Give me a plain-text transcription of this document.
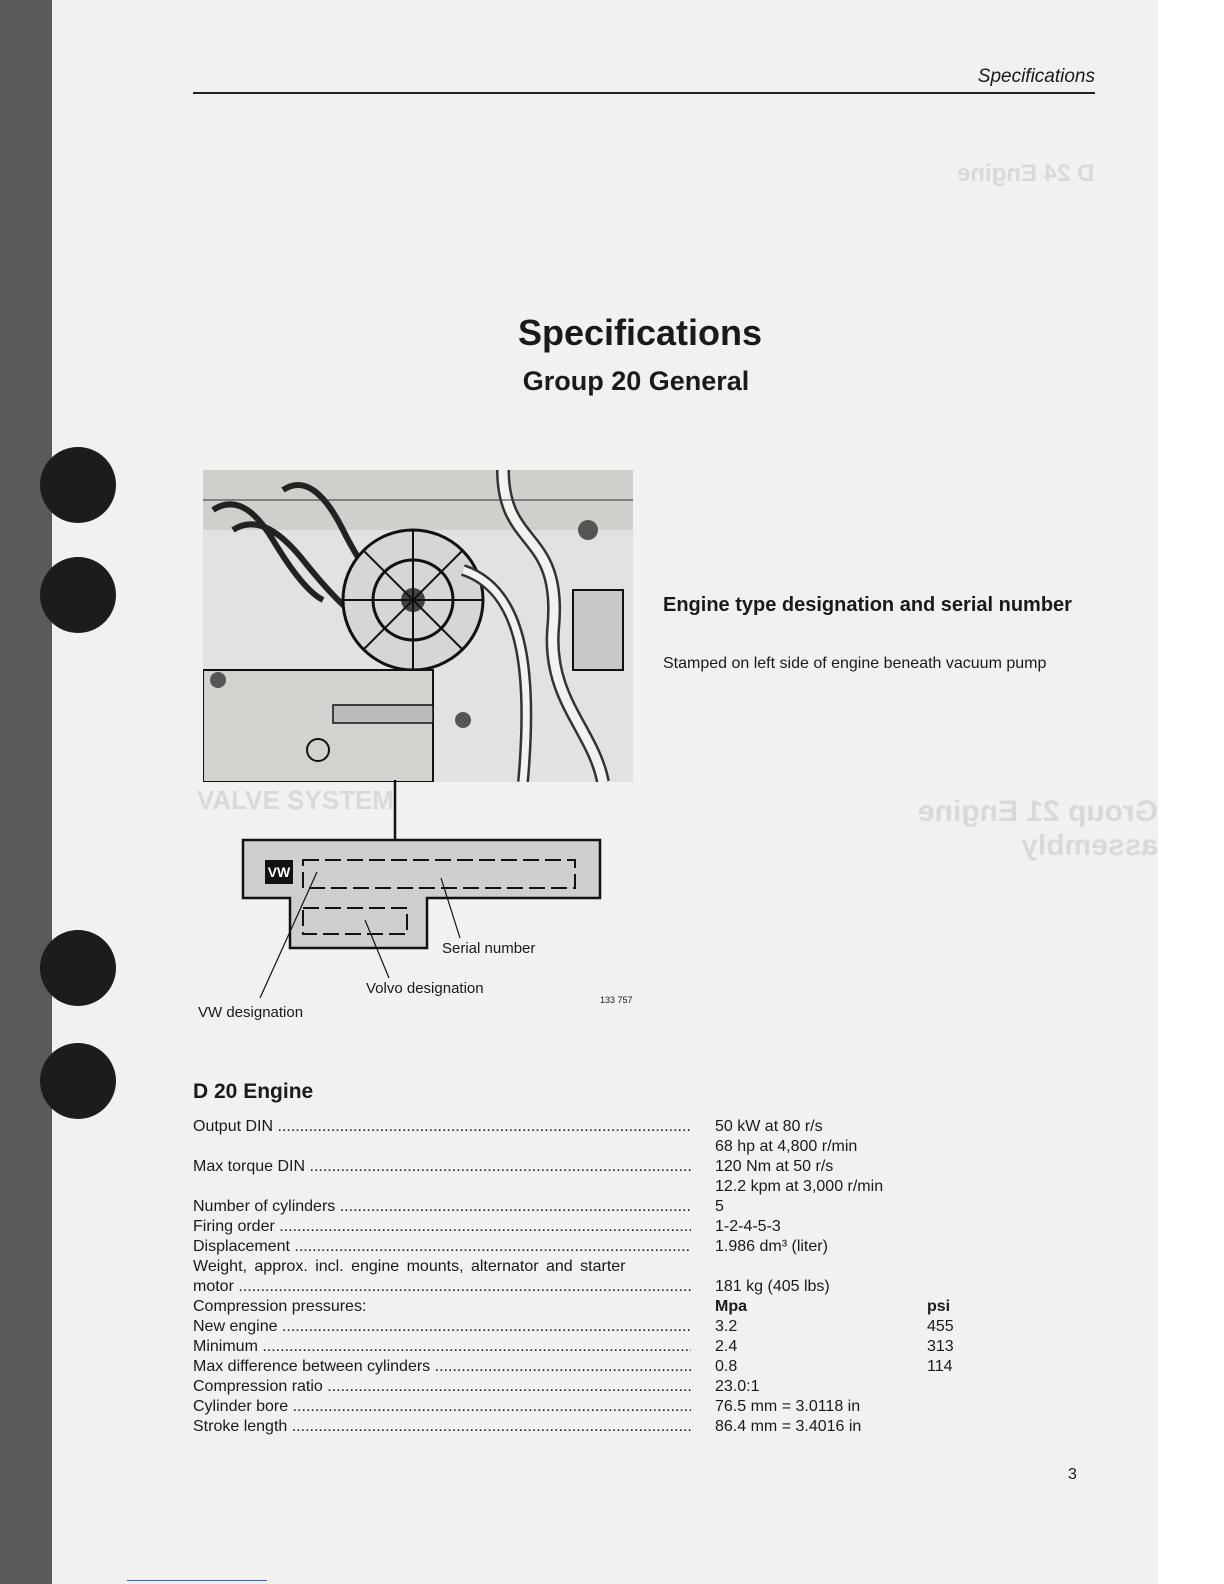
Group 21 Engine assembly
D 24 Engine
VALVE SYSTEM
Specifications
Specifications
Group 20 General
VW
Serial number
Volvo designation
VW designation
133 757
Engine type designation and serial number
Stamped on left side of engine beneath vacuum pump
D 20 Engine
Output DIN .....	50 kW at 80 r/s
68 hp at 4,800 r/min
Max torque DIN .....	120 Nm at 50 r/s
12.2 kpm at 3,000 r/min
Number of cylinders .....	5
Firing order .....	1-2-4-5-3
Displacement .....	1.986 dm³ (liter)
Weight, approx. incl. engine mounts, alternator and starter
motor .....	181 kg (405 lbs)
Compression pressures:	Mpa	psi
New engine .....	3.2	455
Minimum .....	2.4	313
Max difference between cylinders .....	0.8	114
Compression ratio .....	23.0:1
Cylinder bore .....	76.5 mm = 3.0118 in
Stroke length .....	86.4 mm = 3.4016 in
3
